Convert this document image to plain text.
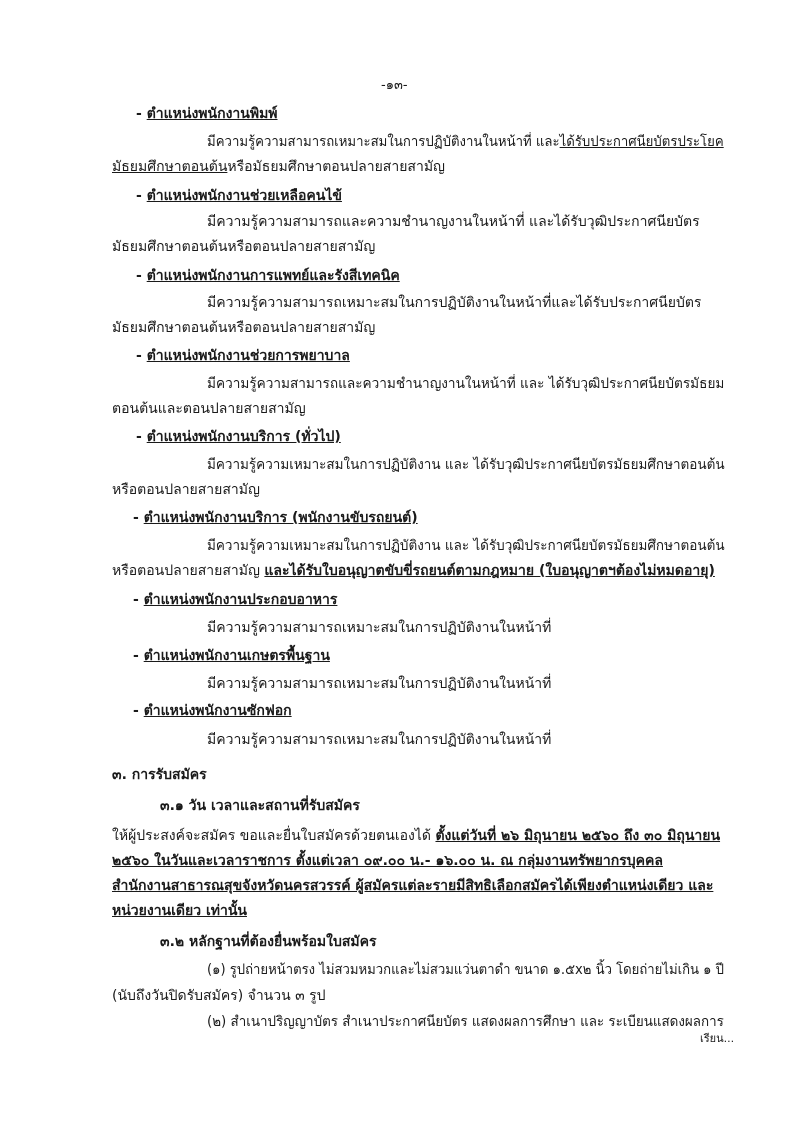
-๑๓-
- ตำแหน่งพนักงานพิมพ์
มีความรู้ความสามารถเหมาะสมในการปฏิบัติงานในหน้าที่ และได้รับประกาศนียบัตรประโยค
มัธยมศึกษาตอนต้นหรือมัธยมศึกษาตอนปลายสายสามัญ
- ตำแหน่งพนักงานช่วยเหลือคนไข้
มีความรู้ความสามารถและความชำนาญงานในหน้าที่ และได้รับวุฒิประกาศนียบัตร
มัธยมศึกษาตอนต้นหรือตอนปลายสายสามัญ
- ตำแหน่งพนักงานการแพทย์และรังสีเทคนิค
มีความรู้ความสามารถเหมาะสมในการปฏิบัติงานในหน้าที่และได้รับประกาศนียบัตร
มัธยมศึกษาตอนต้นหรือตอนปลายสายสามัญ
- ตำแหน่งพนักงานช่วยการพยาบาล
มีความรู้ความสามารถและความชำนาญงานในหน้าที่ และ ได้รับวุฒิประกาศนียบัตรมัธยม
ตอนต้นและตอนปลายสายสามัญ
- ตำแหน่งพนักงานบริการ (ทั่วไป)
มีความรู้ความเหมาะสมในการปฏิบัติงาน และ ได้รับวุฒิประกาศนียบัตรมัธยมศึกษาตอนต้น
หรือตอนปลายสายสามัญ
- ตำแหน่งพนักงานบริการ (พนักงานขับรถยนต์)
มีความรู้ความเหมาะสมในการปฏิบัติงาน และ ได้รับวุฒิประกาศนียบัตรมัธยมศึกษาตอนต้น
หรือตอนปลายสายสามัญ และได้รับใบอนุญาตขับขี่รถยนต์ตามกฎหมาย (ใบอนุญาตฯต้องไม่หมดอายุ)
- ตำแหน่งพนักงานประกอบอาหาร
มีความรู้ความสามารถเหมาะสมในการปฏิบัติงานในหน้าที่
- ตำแหน่งพนักงานเกษตรพื้นฐาน
มีความรู้ความสามารถเหมาะสมในการปฏิบัติงานในหน้าที่
- ตำแหน่งพนักงานซักฟอก
มีความรู้ความสามารถเหมาะสมในการปฏิบัติงานในหน้าที่
๓. การรับสมัคร
๓.๑ วัน เวลาและสถานที่รับสมัคร
ให้ผู้ประสงค์จะสมัคร ขอและยื่นใบสมัครด้วยตนเองได้ ตั้งแต่วันที่ ๒๖ มิถุนายน ๒๕๖๐ ถึง ๓๐ มิถุนายน
๒๕๖๐ ในวันและเวลาราชการ ตั้งแต่เวลา ๐๙.๐๐ น.- ๑๖.๐๐ น. ณ กลุ่มงานทรัพยากรบุคคล
สำนักงานสาธารณสุขจังหวัดนครสวรรค์ ผู้สมัครแต่ละรายมีสิทธิเลือกสมัครได้เพียงตำแหน่งเดียว และ
หน่วยงานเดียว เท่านั้น
๓.๒ หลักฐานที่ต้องยื่นพร้อมใบสมัคร
(๑) รูปถ่ายหน้าตรง ไม่สวมหมวกและไม่สวมแว่นตาดำ ขนาด ๑.๕x๒ นิ้ว โดยถ่ายไม่เกิน ๑ ปี
(นับถึงวันปิดรับสมัคร) จำนวน ๓ รูป
(๒) สำเนาปริญญาบัตร สำเนาประกาศนียบัตร แสดงผลการศึกษา และ ระเบียนแสดงผลการ
เรียน...
